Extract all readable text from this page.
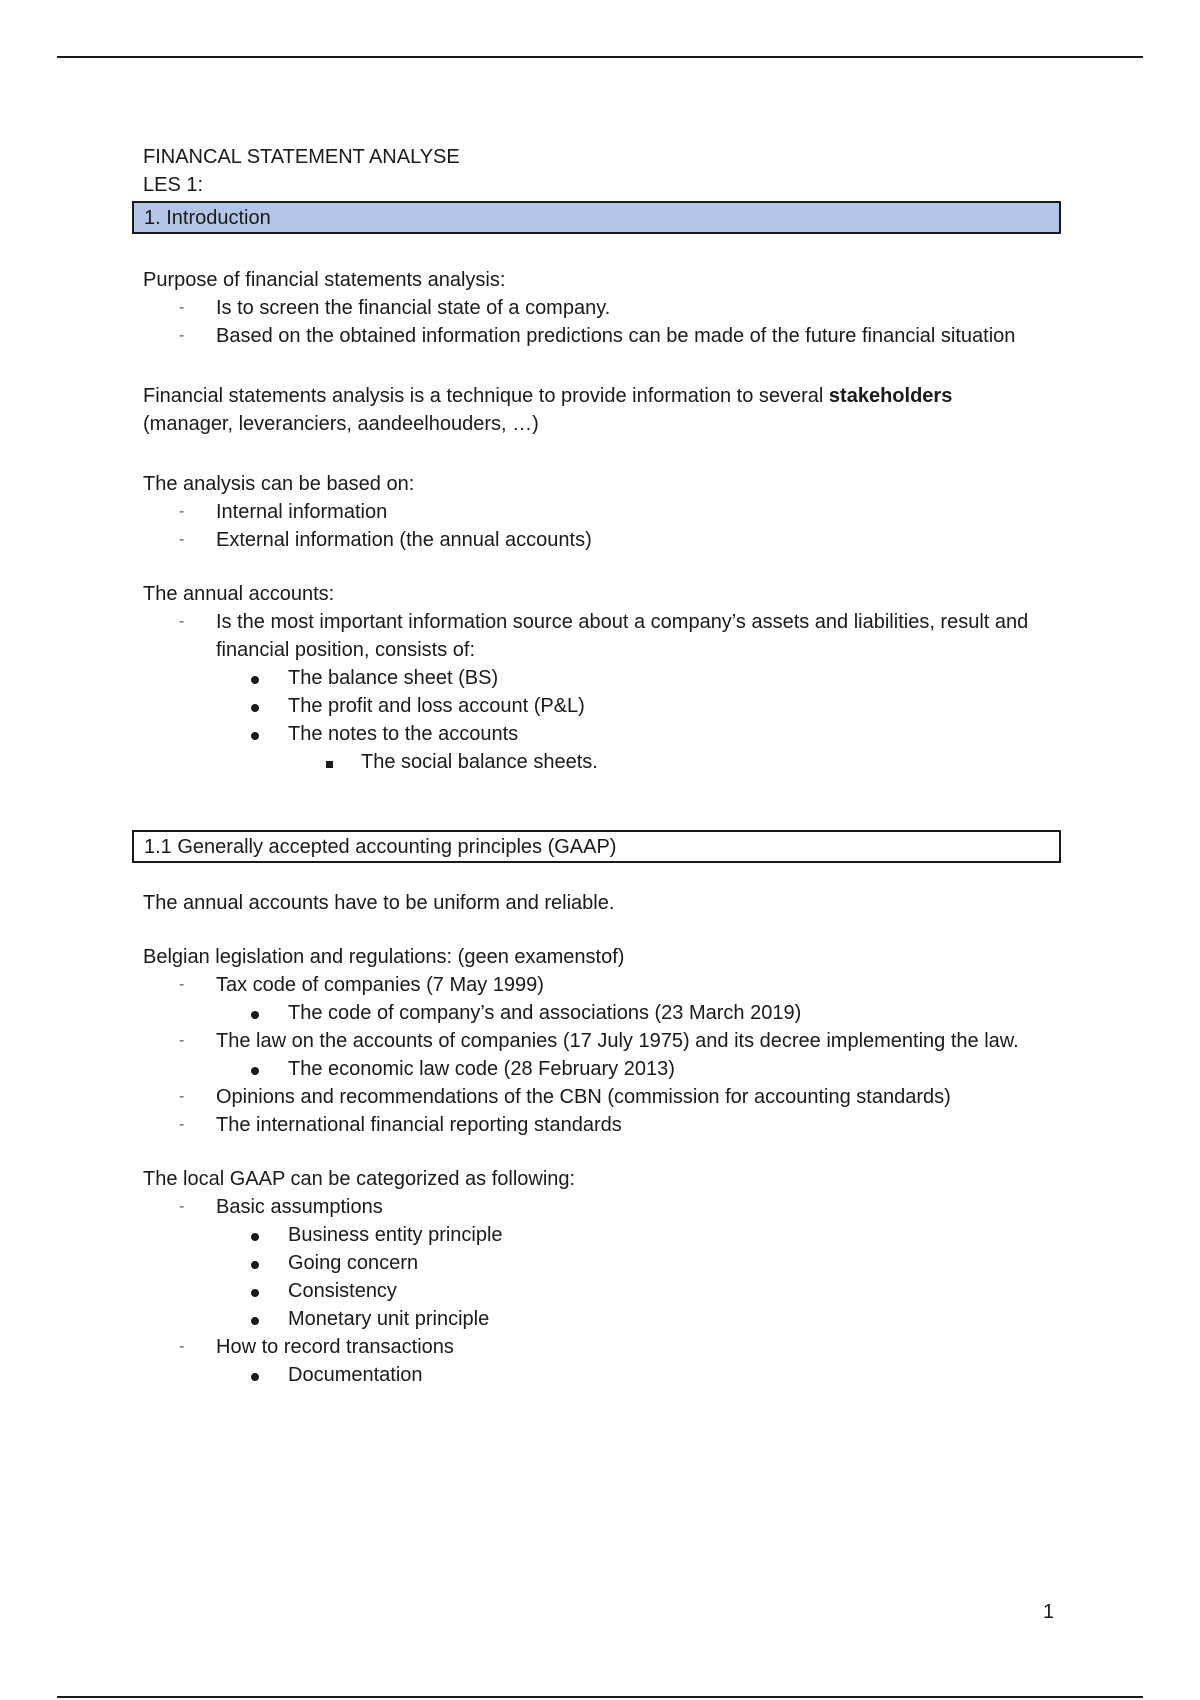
FINANCAL STATEMENT ANALYSE

LES 1:

1. Introduction

Purpose of financial statements analysis:

- Is to screen the financial state of a company.
- Based on the obtained information predictions can be made of the future financial situation

Financial statements analysis is a technique to provide information to several stakeholders
(manager, leveranciers, aandeelhouders, …)

The analysis can be based on:

- Internal information
- External information (the annual accounts)

The annual accounts:

- Is the most important information source about a company’s assets and liabilities, result and financial position, consists of:
The balance sheet (BS)
The profit and loss account (P&L)
The notes to the accounts
The social balance sheets.
1.1 Generally accepted accounting principles (GAAP)

The annual accounts have to be uniform and reliable.

Belgian legislation and regulations: (geen examenstof)

- Tax code of companies (7 May 1999)
The code of company’s and associations (23 March 2019)
- The law on the accounts of companies (17 July 1975) and its decree implementing the law.
The economic law code (28 February 2013)
- Opinions and recommendations of the CBN (commission for accounting standards)
- The international financial reporting standards

The local GAAP can be categorized as following:

- Basic assumptions
Business entity principle
Going concern
Consistency
Monetary unit principle
- How to record transactions
Documentation
1
